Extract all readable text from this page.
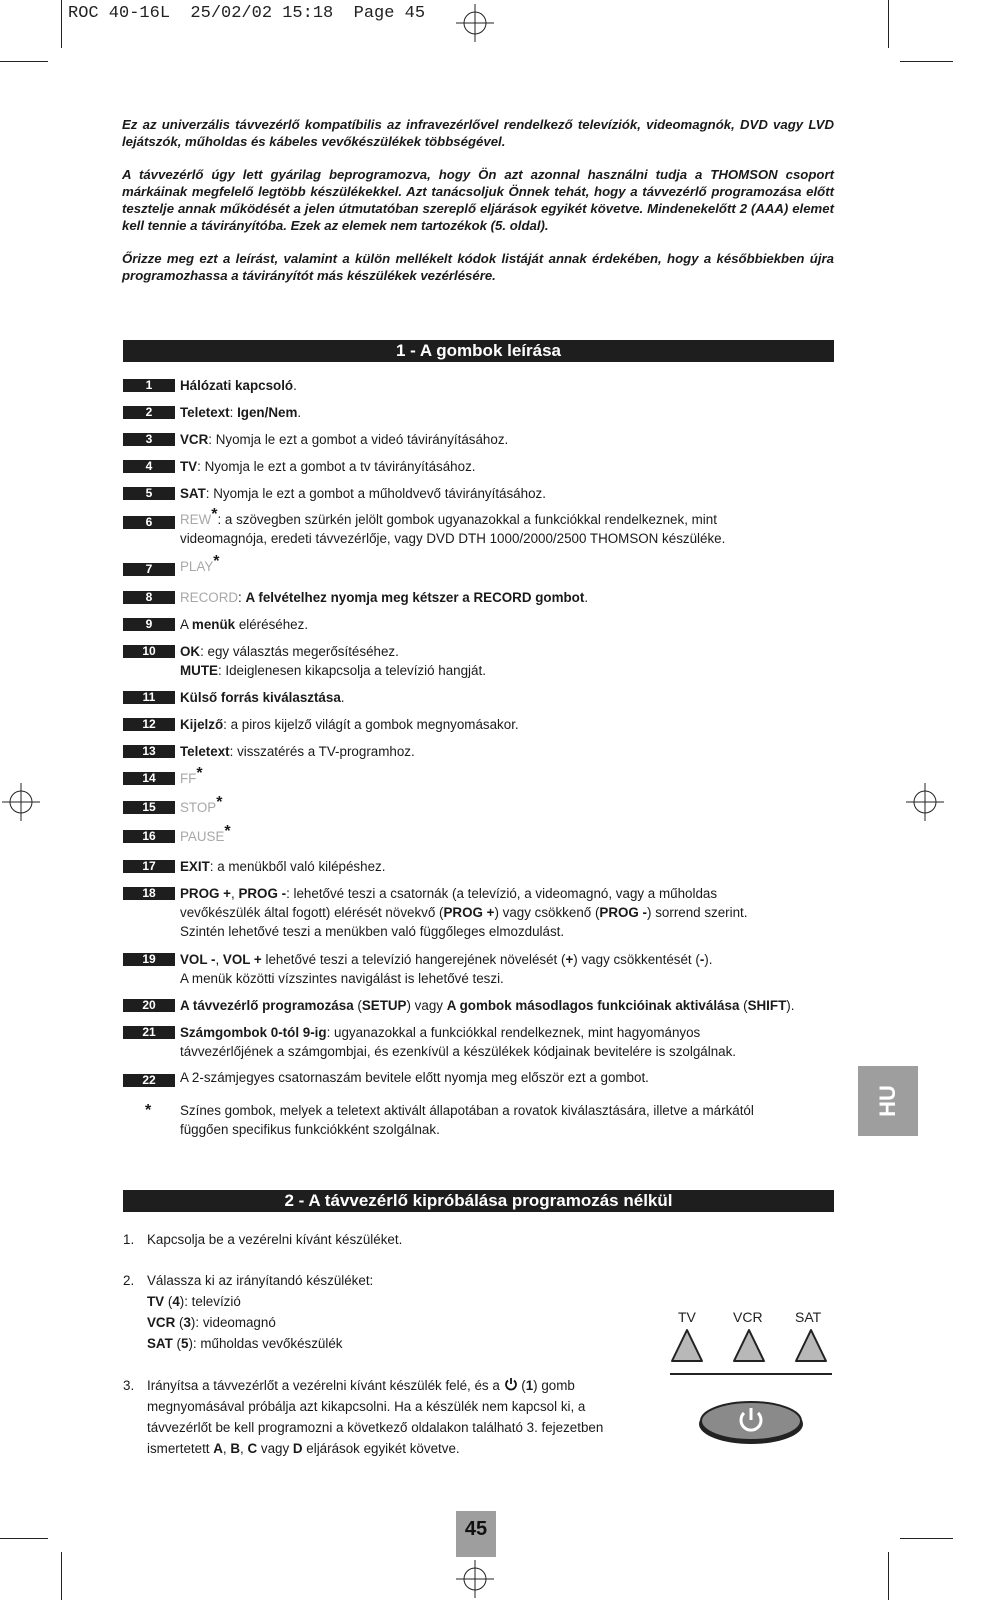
ROC 40-16L  25/02/02 15:18  Page 45

Ez az univerzális távvezérlő kompatíbilis az infravezérlővel rendelkező televíziók, videomagnók, DVD vagy LVD lejátszók, műholdas és kábeles vevőkészülékek többségével.

A távvezérlő úgy lett gyárilag beprogramozva, hogy Ön azt azonnal használni tudja a THOMSON csoport márkáinak megfelelő legtöbb készülékekkel. Azt tanácsoljuk Önnek tehát, hogy a távvezérlő programozása előtt tesztelje annak működését a jelen útmutatóban szereplő eljárások egyikét követve. Mindenekelőtt 2 (AAA) elemet kell tennie a távirányítóba. Ezek az elemek nem tartozékok (5. oldal).

Őrizze meg ezt a leírást, valamint a külön mellékelt kódok listáját annak érdekében, hogy a későbbiekben újra programozhassa a távirányítót más készülékek vezérlésére.

1 - A gombok leírása
1	Hálózati kapcsoló.
2	Teletext: Igen/Nem.
3	VCR: Nyomja le ezt a gombot a videó távirányításához.
4	TV: Nyomja le ezt a gombot a tv távirányításához.
5	SAT: Nyomja le ezt a gombot a műholdvevő távirányításához.
6	REW*: a szövegben szürkén jelölt gombok ugyanazokkal a funkciókkal rendelkeznek, mint
videomagnója, eredeti távvezérlője, vagy DVD DTH 1000/2000/2500 THOMSON készüléke.
7	PLAY*
8	RECORD: A felvételhez nyomja meg kétszer a RECORD gombot.
9	A menük eléréséhez.
10	OK: egy választás megerősítéséhez.
MUTE: Ideiglenesen kikapcsolja a televízió hangját.
11	Külső forrás kiválasztása.
12	Kijelző: a piros kijelző világít a gombok megnyomásakor.
13	Teletext: visszatérés a TV-programhoz.
14	FF*
15	STOP*
16	PAUSE*
17	EXIT: a menükből való kilépéshez.
18	PROG +, PROG -: lehetővé teszi a csatornák (a televízió, a videomagnó, vagy a műholdas
vevőkészülék által fogott) elérését növekvő (PROG +) vagy csökkenő (PROG -) sorrend szerint.
Szintén lehetővé teszi a menükben való függőleges elmozdulást.
19	VOL -, VOL + lehetővé teszi a televízió hangerejének növelését (+) vagy csökkentését (-).
A menük közötti vízszintes navigálást is lehetővé teszi.
20	A távvezérlő programozása (SETUP) vagy A gombok másodlagos funkcióinak aktiválása (SHIFT).
21	Számgombok 0-tól 9-ig: ugyanazokkal a funkciókkal rendelkeznek, mint hagyományos
távvezérlőjének a számgombjai, és ezenkívül a készülékek kódjainak bevitelére is szolgálnak.
22	A 2-számjegyes csatornaszám bevitele előtt nyomja meg először ezt a gombot.
* Színes gombok, melyek a teletext aktivált állapotában a rovatok kiválasztására, illetve a márkától
függően specifikus funkciókként szolgálnak.
HU
2 - A távvezérlő kipróbálása programozás nélkül
1. Kapcsolja be a vezérelni kívánt készüléket.
2. Válassza ki az irányítandó készüléket:
TV (4): televízió
VCR (3): videomagnó
SAT (5): műholdas vevőkészülék
3. Irányítsa a távvezérlőt a vezérelni kívánt készülék felé, és a  (1) gomb
megnyomásával próbálja azt kikapcsolni. Ha a készülék nem kapcsol ki, a
távvezérlőt be kell programozni a következő oldalakon található 3. fejezetben
ismertetett A, B, C vagy D eljárások egyikét követve.
TV	VCR SAT
45
